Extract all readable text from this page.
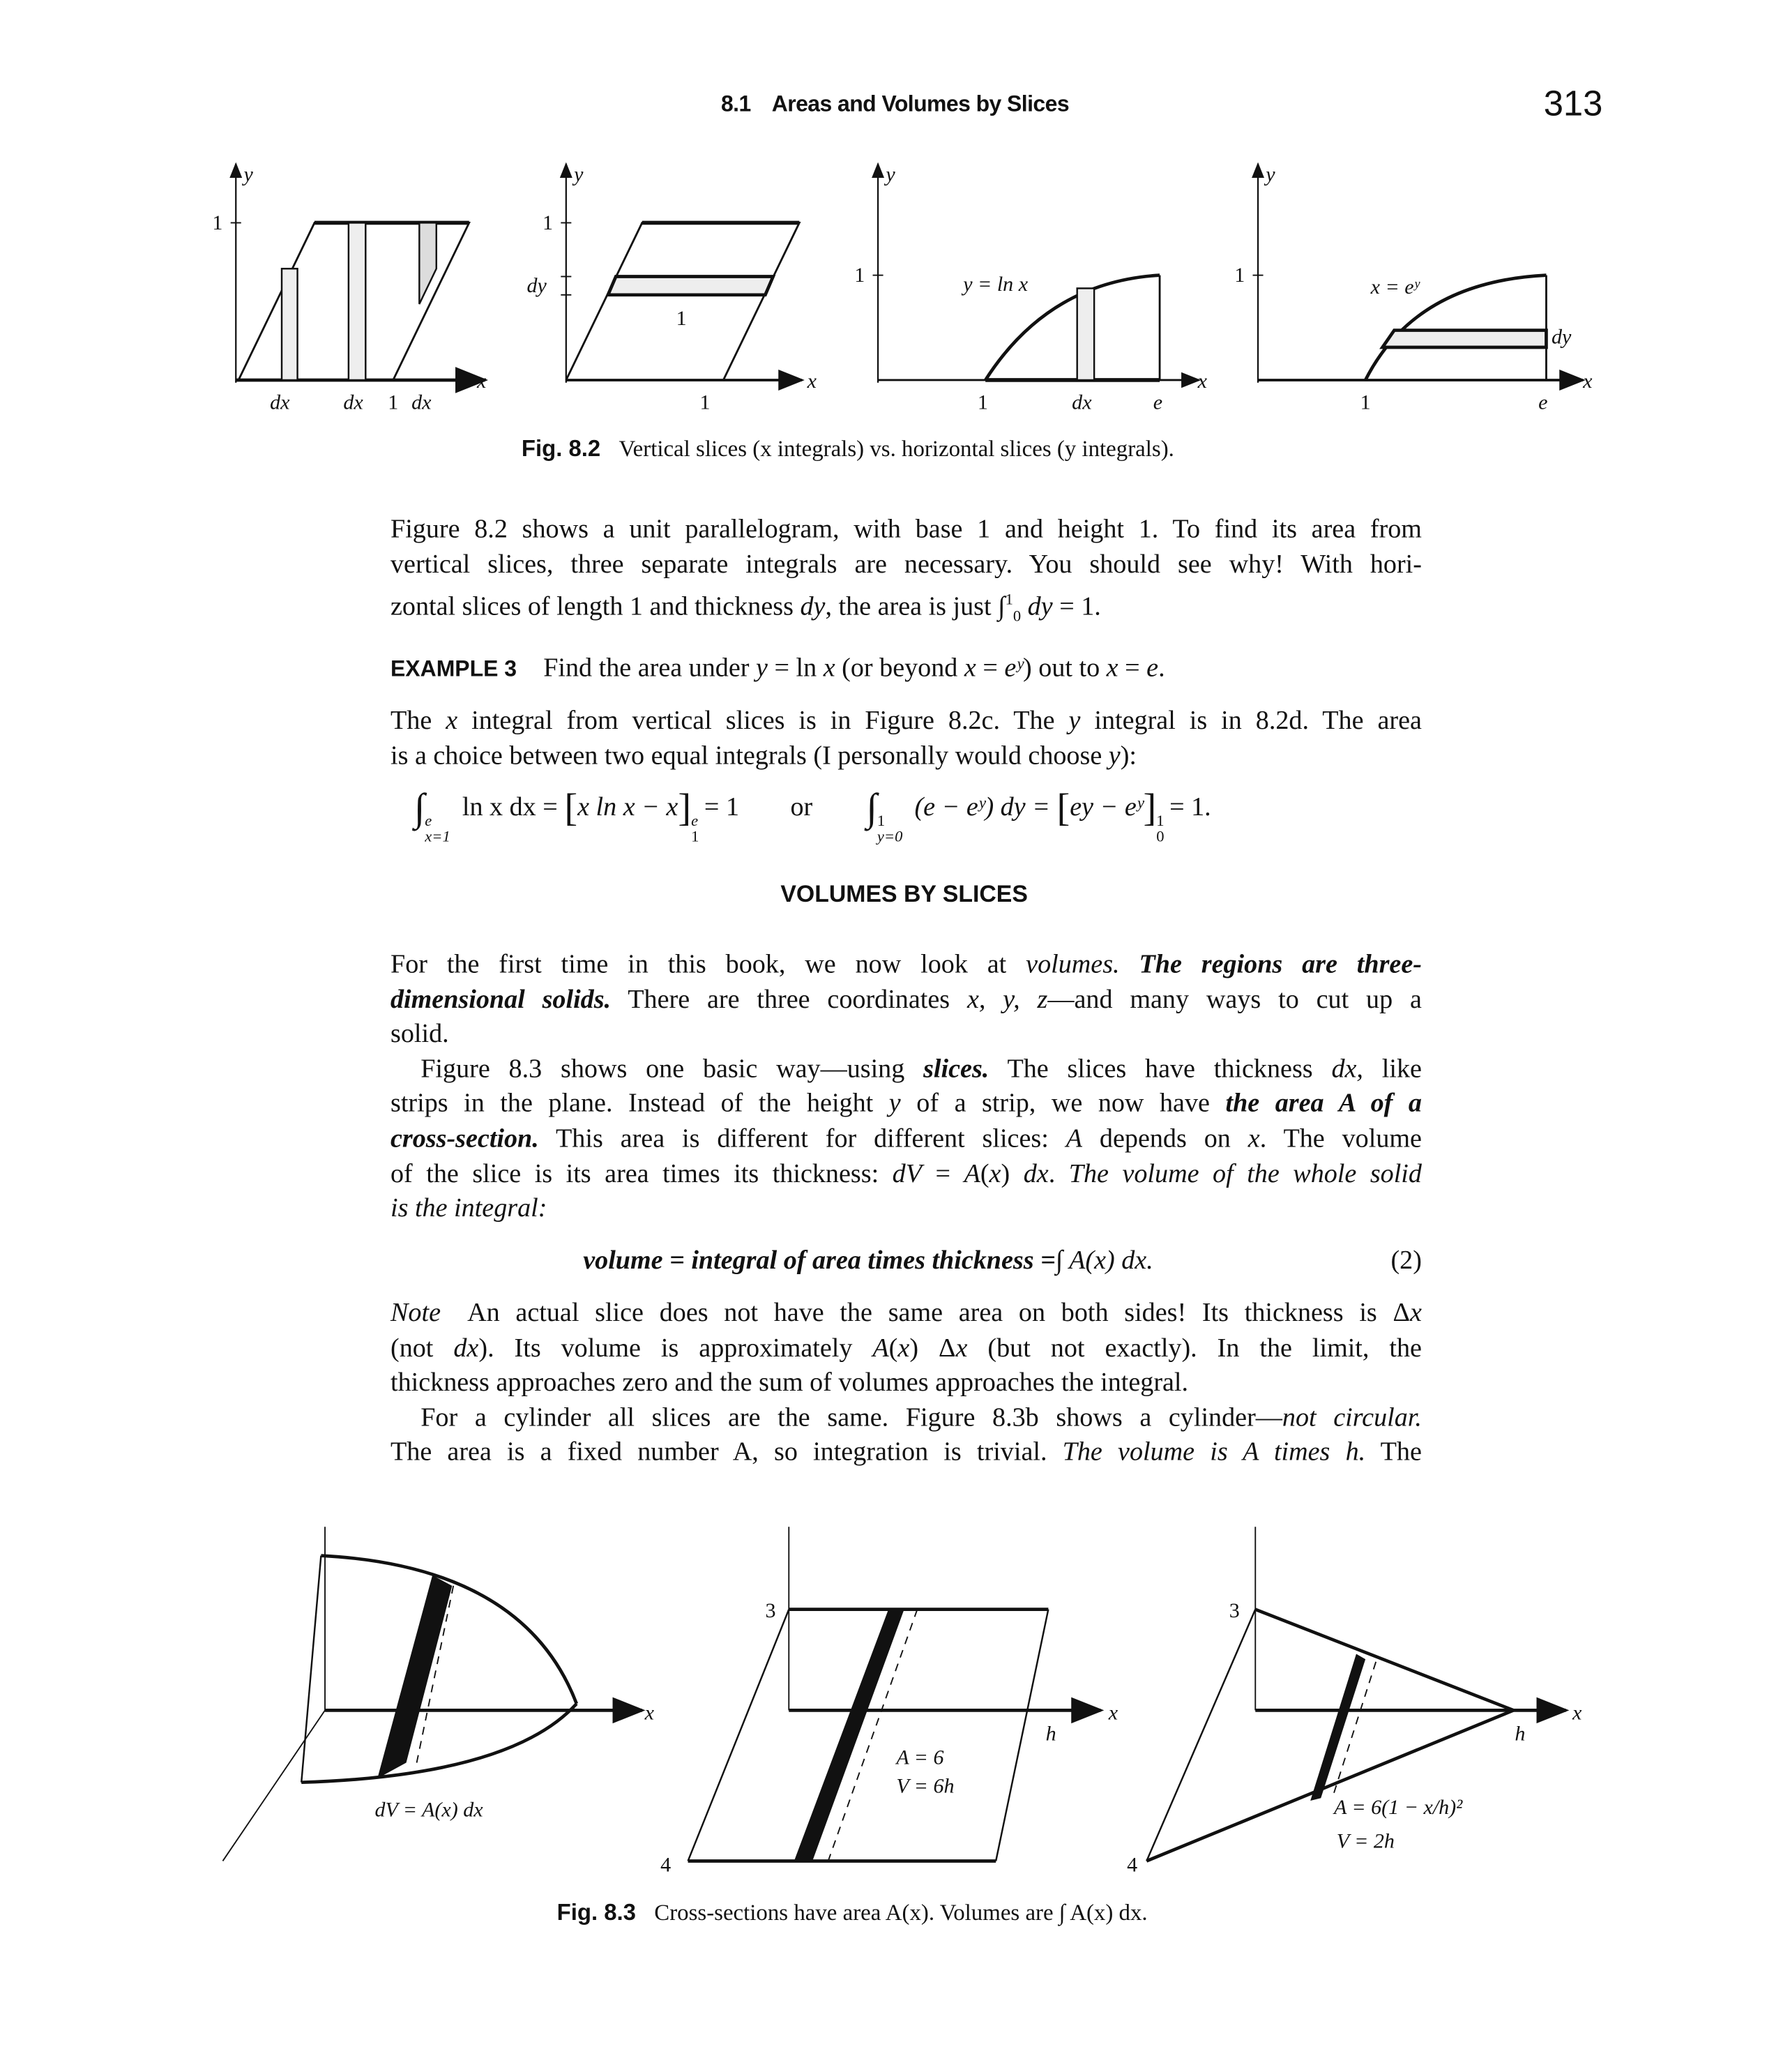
8.1 Areas and Volumes by Slices	313
y
1
x
dx	dx 1 dx
y
1
dy
1
1
x
y
1	y = ln x
1	dx	e
x
y
1	x = eʸ
dy
1	e
x
Fig. 8.2 Vertical slices (x integrals) vs. horizontal slices (y integrals).
Figure 8.2 shows a unit parallelogram, with base 1 and height 1. To find its area from
vertical slices, three separate integrals are necessary. You should see why! With hori-
zontal slices of length 1 and thickness dy, the area is just ∫$^1_0$ dy = 1.
EXAMPLE 3 Find the area under y = ln x (or beyond x = eʸ) out to x = e.
The x integral from vertical slices is in Figure 8.2c. The y integral is in 8.2d. The area
is a choice between two equal integrals (I personally would choose y):
∫ e
x=1
ln x dx = [x ln x − x] e
1
= 1	or	∫ 1
y=0
(e − eʸ) dy = [ey − eʸ] 1
0
= 1.
VOLUMES BY SLICES
For the first time in this book, we now look at volumes. The regions are three-
dimensional solids. There are three coordinates x, y, z—and many ways to cut up a
solid.
Figure 8.3 shows one basic way—using slices. The slices have thickness dx, like
strips in the plane. Instead of the height y of a strip, we now have the area A of a
cross-section. This area is different for different slices: A depends on x. The volume
of the slice is its area times its thickness: dV = A(x) dx. The volume of the whole solid
is the integral:
volume = integral of area times thickness =∫ A(x) dx.	(2)
Note An actual slice does not have the same area on both sides! Its thickness is Δx
(not dx). Its volume is approximately A(x) Δx (but not exactly). In the limit, the
thickness approaches zero and the sum of volumes approaches the integral.
For a cylinder all slices are the same. Figure 8.3b shows a cylinder—not circular.
The area is a fixed number A, so integration is trivial. The volume is A times h. The
dV = A(x) dx
x
3
4
h
x
A = 6
V = 6h
3
4
h
x
A = 6(1 − x/h)²
V = 2h
Fig. 8.3 Cross-sections have area A(x). Volumes are ∫ A(x) dx.
